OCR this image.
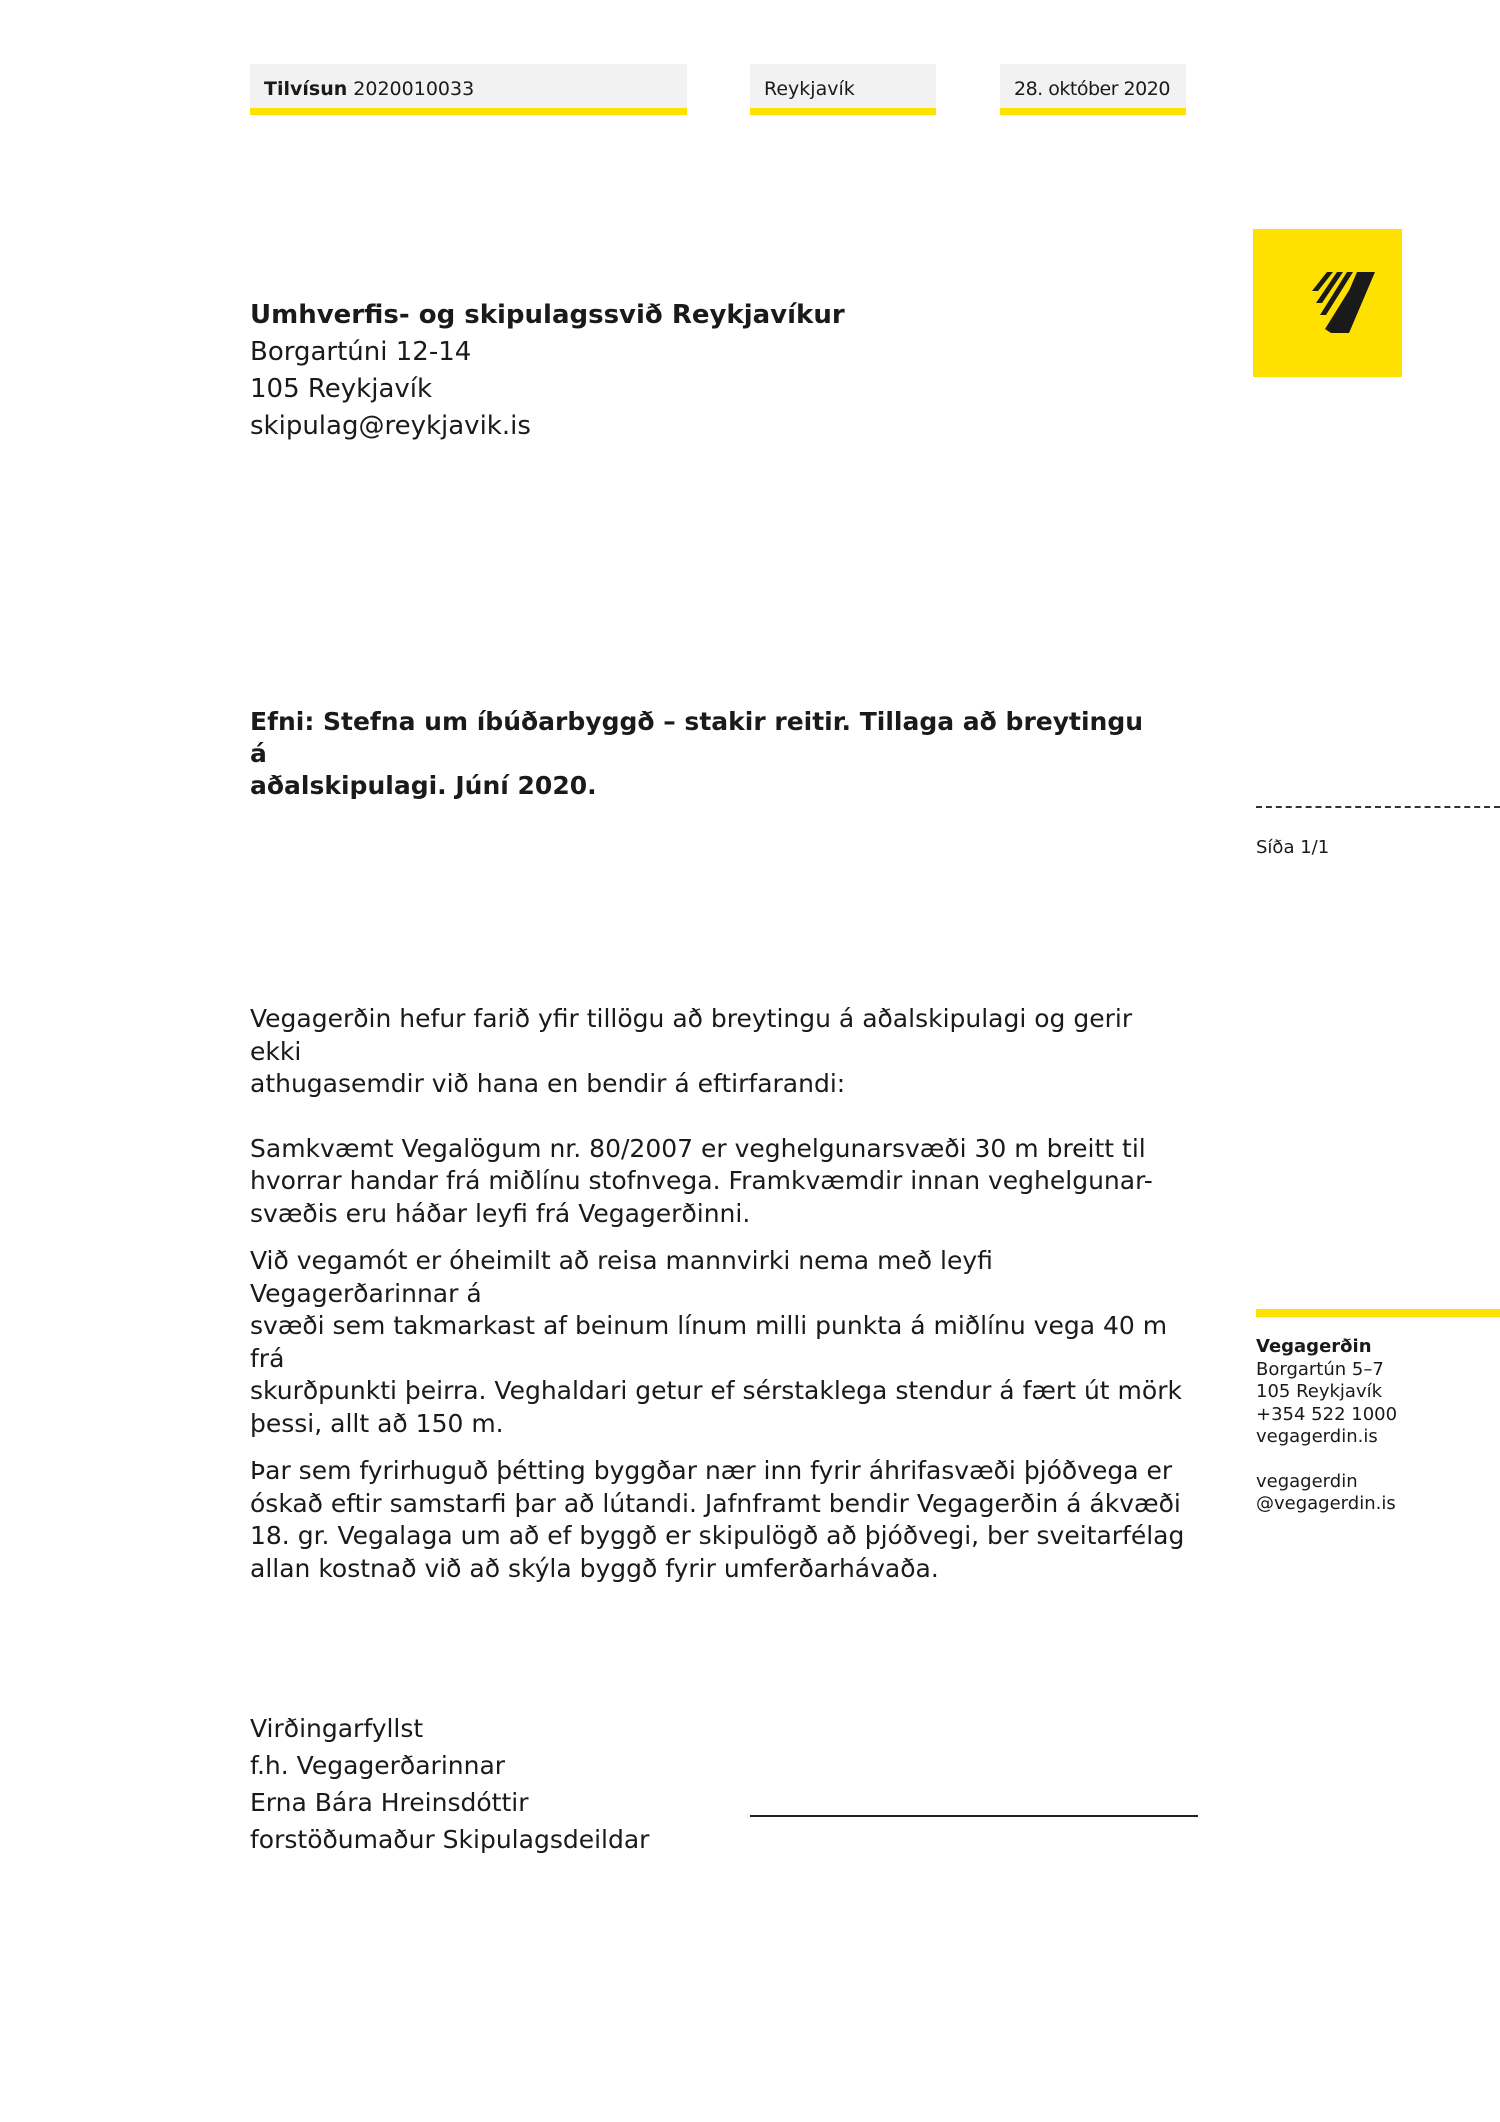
Tilvísun 2020010033	Reykjavík	28. október 2020
Umhverfis- og skipulagssvið Reykjavíkur
Borgartúni 12-14
105 Reykjavík
skipulag@reykjavik.is
Efni: Stefna um íbúðarbyggð – stakir reitir. Tillaga að breytingu á
aðalskipulagi. Júní 2020.
Síða 1/1

Vegagerðin hefur farið yfir tillögu að breytingu á aðalskipulagi og gerir ekki
athugasemdir við hana en bendir á eftirfarandi:

Samkvæmt Vegalögum nr. 80/2007 er veghelgunarsvæði 30 m breitt til
hvorrar handar frá miðlínu stofnvega. Framkvæmdir innan veghelgunar-
svæðis eru háðar leyfi frá Vegagerðinni.

Við vegamót er óheimilt að reisa mannvirki nema með leyfi Vegagerðarinnar á
svæði sem takmarkast af beinum línum milli punkta á miðlínu vega 40 m frá
skurðpunkti þeirra. Veghaldari getur ef sérstaklega stendur á fært út mörk
þessi, allt að 150 m.

Þar sem fyrirhuguð þétting byggðar nær inn fyrir áhrifasvæði þjóðvega er
óskað eftir samstarfi þar að lútandi. Jafnframt bendir Vegagerðin á ákvæði
18. gr. Vegalaga um að ef byggð er skipulögð að þjóðvegi, ber sveitarfélag
allan kostnað við að skýla byggð fyrir umferðarhávaða.

Vegagerðin
Borgartún 5–7
105 Reykjavík
+354 522 1000
vegagerdin.is
vegagerdin
@vegagerdin.is
Virðingarfyllst
f.h. Vegagerðarinnar
Erna Bára Hreinsdóttir
forstöðumaður Skipulagsdeildar
